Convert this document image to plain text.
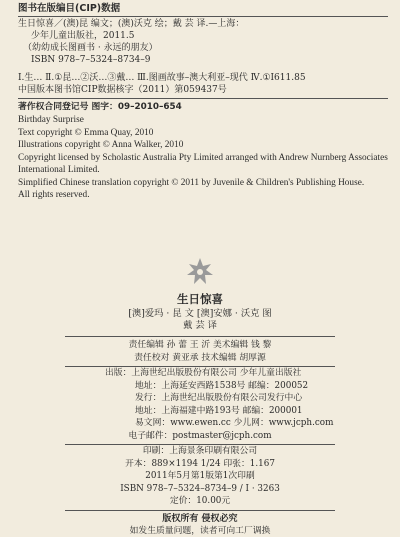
图书在版编目(CIP)数据
生日惊喜／(澳)昆 编文；(澳)沃克 绘；戴 芸 译.—上海：
少年儿童出版社，2011.5
（幼幼成长图画书 · 永远的朋友）
ISBN 978–7–5324–8734–9
Ⅰ.生… Ⅱ.①昆…②沃…③戴… Ⅲ.图画故事–澳大利亚–现代 Ⅳ.①I611.85
中国版本图书馆CIP数据核字（2011）第059437号
著作权合同登记号 图字：09–2010–654
Birthday Surprise
Text copyright © Emma Quay, 2010
Illustrations copyright © Anna Walker, 2010
Copyright licensed by Scholastic Australia Pty Limited arranged with Andrew Nurnberg Associates International Limited.
Simplified Chinese translation copyright © 2011 by Juvenile & Children's Publishing House.
All rights reserved.
生日惊喜
[澳]爱玛 · 昆 文 [澳]安娜 · 沃克 图
戴 芸 译
责任编辑 孙 蕾 王 沂 美术编辑 钱 黎
责任校对 黄亚承 技术编辑 胡厚源
出版：上海世纪出版股份有限公司 少年儿童出版社
地址：上海延安西路1538号 邮编：200052
发行：上海世纪出版股份有限公司发行中心
地址：上海福建中路193号 邮编：200001
易文网：www.ewen.cc 少儿网：www.jcph.com
电子邮件：postmaster@jcph.com
印刷：上海景条印刷有限公司
开本：889×1194 1/24 印张：1.167
2011年5月第1版第1次印刷
ISBN 978–7–5324–8734–9 / I · 3263
定价：10.00元
版权所有 侵权必究
如发生质量问题，读者可向工厂调换
